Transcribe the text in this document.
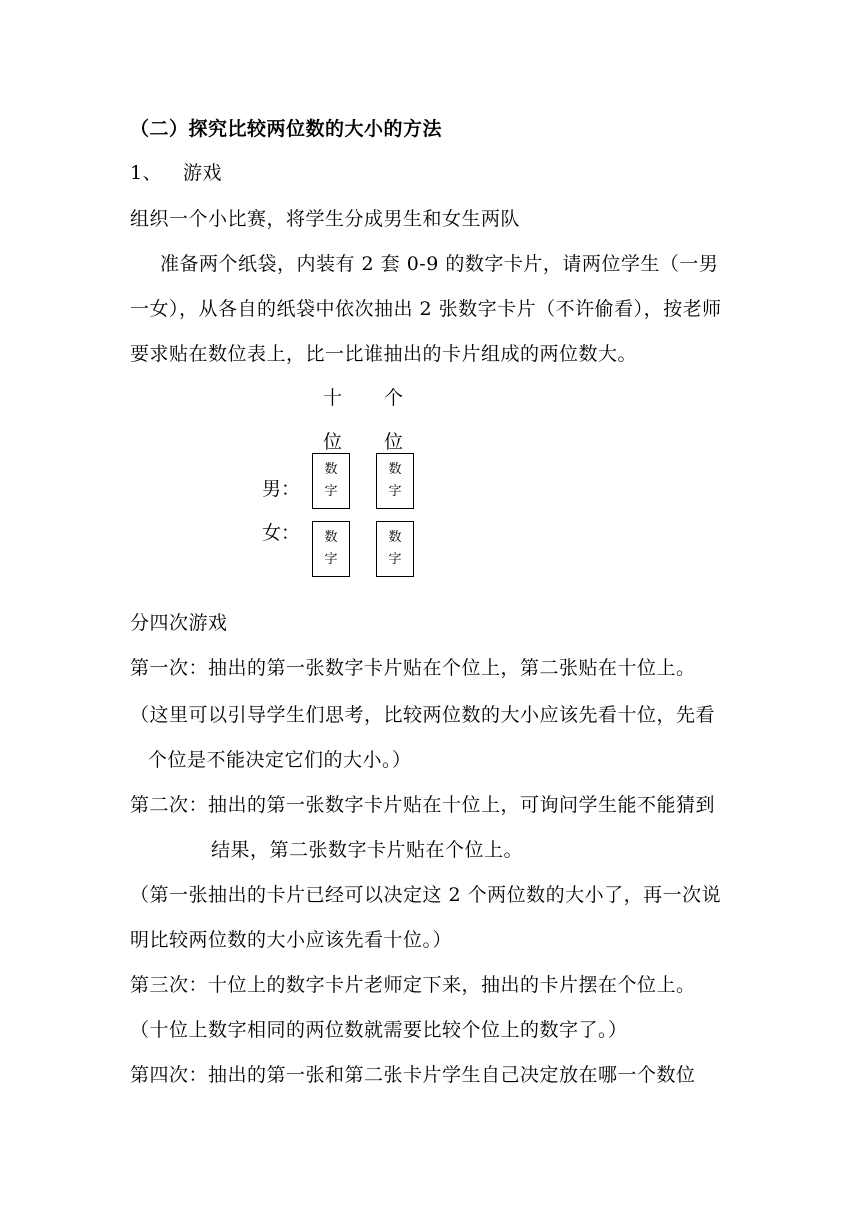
（二）探究比较两位数的大小的方法
1、 游戏
组织一个小比赛，将学生分成男生和女生两队
准备两个纸袋，内装有 2 套 0-9 的数字卡片，请两位学生（一男
一女），从各自的纸袋中依次抽出 2 张数字卡片（不许偷看），按老师
要求贴在数位表上，比一比谁抽出的卡片组成的两位数大。
十 个
位 位
男：
女：
数
字
数
字
数
字
数
字
分四次游戏
第一次：抽出的第一张数字卡片贴在个位上，第二张贴在十位上。
（这里可以引导学生们思考，比较两位数的大小应该先看十位，先看
个位是不能决定它们的大小。）
第二次：抽出的第一张数字卡片贴在十位上，可询问学生能不能猜到
结果，第二张数字卡片贴在个位上。
（第一张抽出的卡片已经可以决定这 2 个两位数的大小了，再一次说
明比较两位数的大小应该先看十位。）
第三次：十位上的数字卡片老师定下来，抽出的卡片摆在个位上。
（十位上数字相同的两位数就需要比较个位上的数字了。）
第四次：抽出的第一张和第二张卡片学生自己决定放在哪一个数位
